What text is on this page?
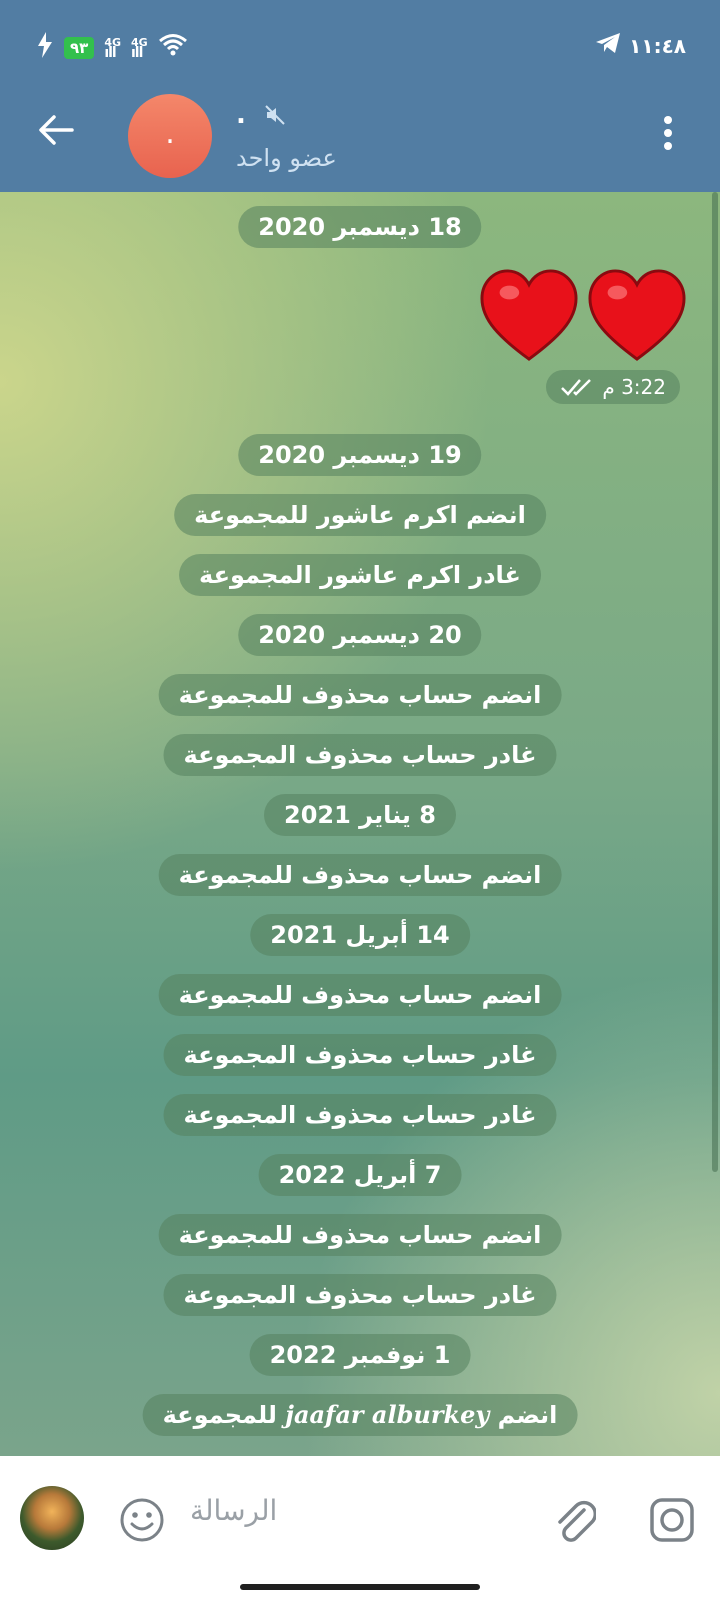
٩٣	4G
ıll
4G
ıll	١١:٤٨
.
.
عضو واحد
18 ديسمبر 2020
3:22 م
19 ديسمبر 2020
انضم اكرم عاشور للمجموعة
غادر اكرم عاشور المجموعة
20 ديسمبر 2020
انضم حساب محذوف للمجموعة
غادر حساب محذوف المجموعة
8 يناير 2021
انضم حساب محذوف للمجموعة
14 أبريل 2021
انضم حساب محذوف للمجموعة
غادر حساب محذوف المجموعة
غادر حساب محذوف المجموعة
7 أبريل 2022
انضم حساب محذوف للمجموعة
غادر حساب محذوف المجموعة
1 نوفمبر 2022
انضم jaafar alburkey للمجموعة
الرسالة
